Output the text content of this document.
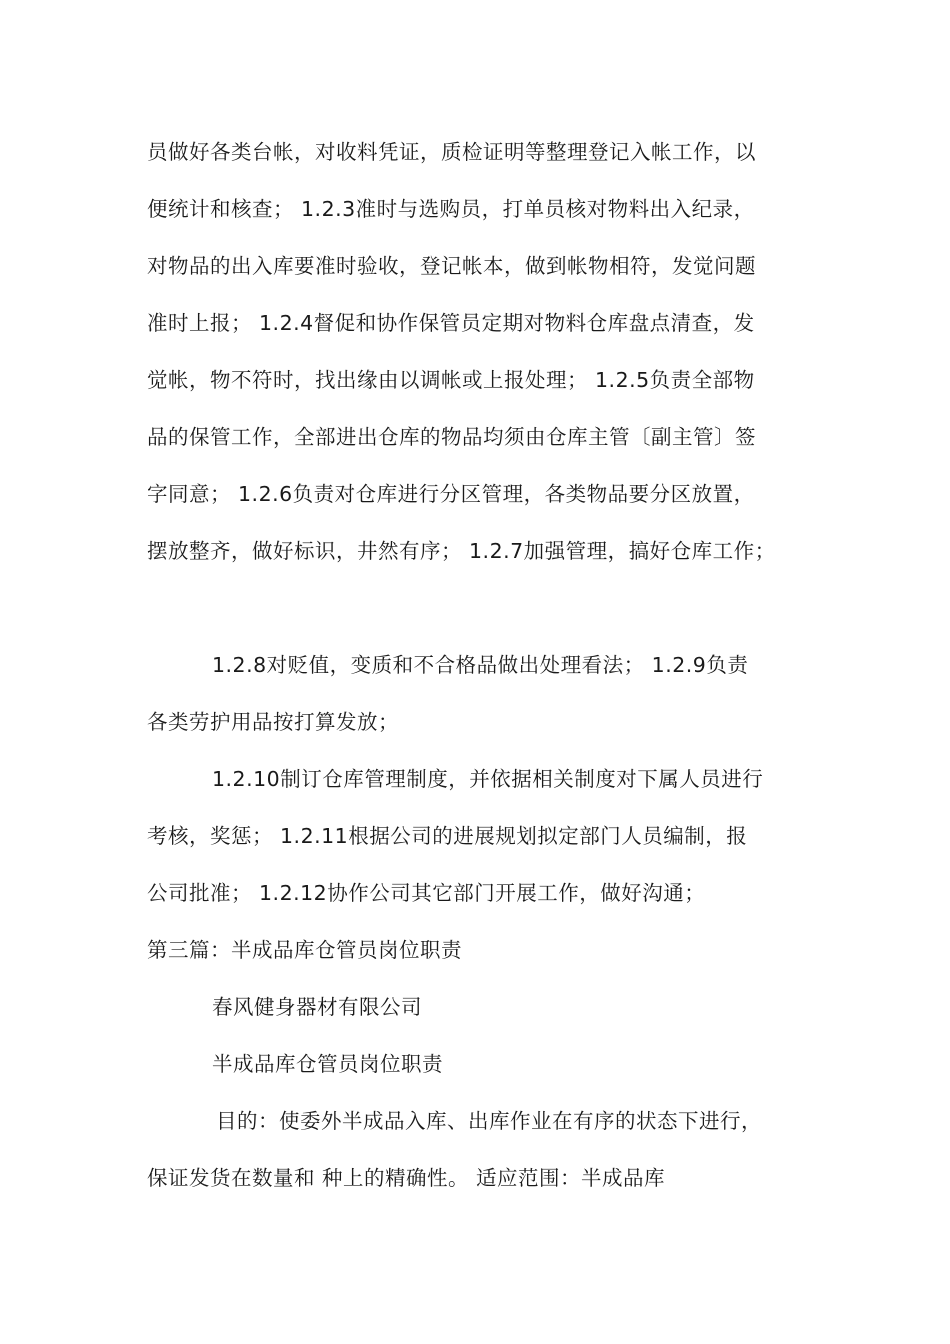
员做好各类台帐，对收料凭证，质检证明等整理登记入帐工作，以

便统计和核查； 1.2.3准时与选购员，打单员核对物料出入纪录，

对物品的出入库要准时验收，登记帐本，做到帐物相符，发觉问题

准时上报； 1.2.4督促和协作保管员定期对物料仓库盘点清查，发

觉帐，物不符时，找出缘由以调帐或上报处理； 1.2.5负责全部物

品的保管工作，全部进出仓库的物品均须由仓库主管〔副主管〕签

字同意； 1.2.6负责对仓库进行分区管理，各类物品要分区放置，

摆放整齐，做好标识，井然有序； 1.2.7加强管理，搞好仓库工作；

1.2.8对贬值，变质和不合格品做出处理看法； 1.2.9负责

各类劳护用品按打算发放；

1.2.10制订仓库管理制度，并依据相关制度对下属人员进行

考核，奖惩； 1.2.11根据公司的进展规划拟定部门人员编制，报

公司批准； 1.2.12协作公司其它部门开展工作，做好沟通；

第三篇：半成品库仓管员岗位职责

春风健身器材有限公司

半成品库仓管员岗位职责

目的：使委外半成品入库、出库作业在有序的状态下进行，

保证发货在数量和 种上的精确性。 适应范围：半成品库
